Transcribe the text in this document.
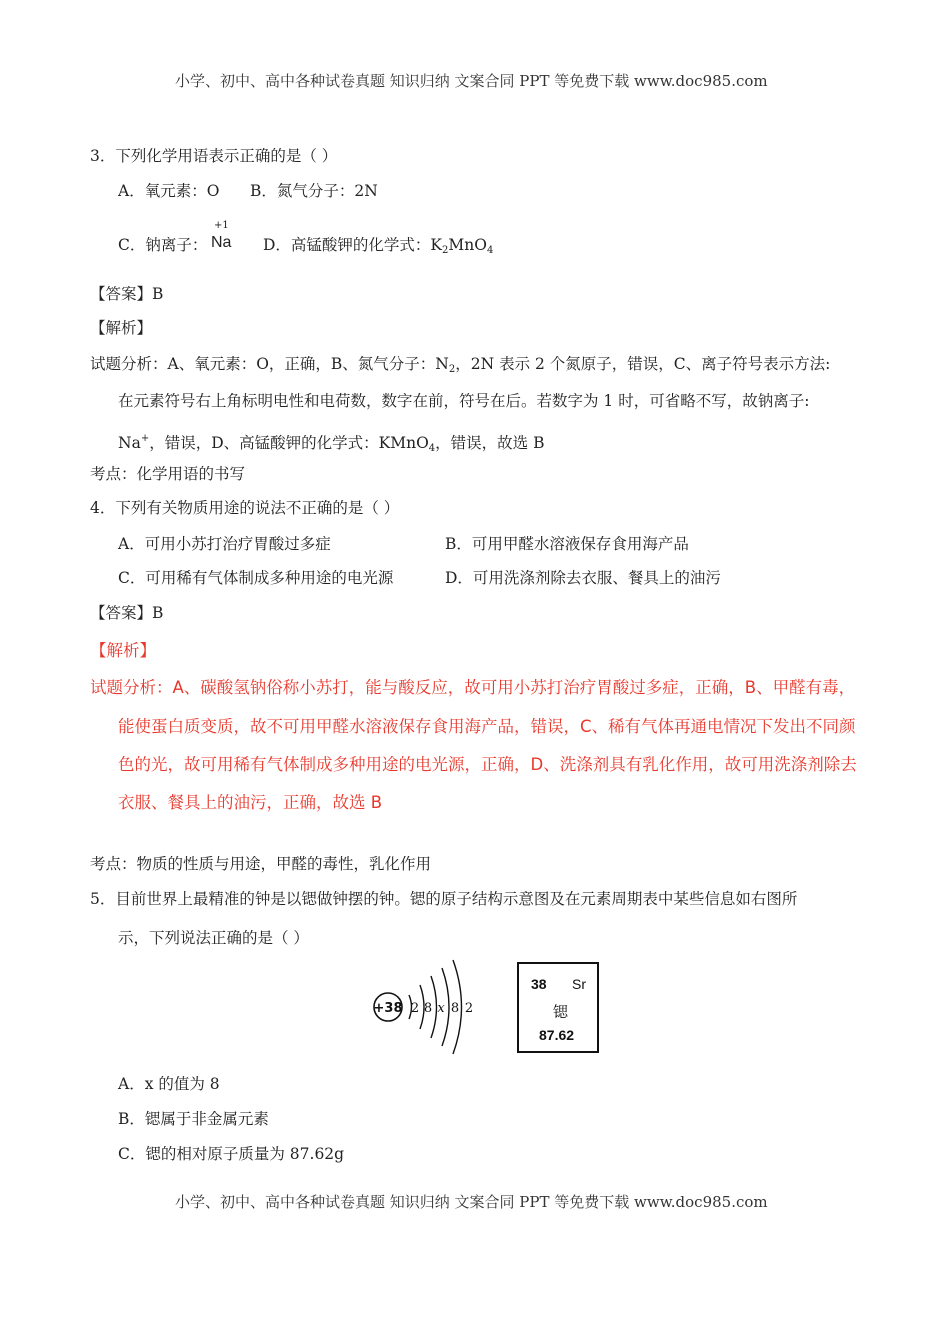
小学、初中、高中各种试卷真题 知识归纳 文案合同 PPT 等免费下载 www.doc985.com
3．下列化学用语表示正确的是（ ）
A．氧元素：O B．氮气分子：2N
C．钠离子：
+1
Na D．高锰酸钾的化学式：$K_2MnO_4$
【答案】B
【解析】
试题分析：A、氧元素：O，正确，B、氮气分子：$N_2$，2N 表示 2 个氮原子，错误，C、离子符号表示方法:
在元素符号右上角标明电性和电荷数，数字在前，符号在后。若数字为 1 时，可省略不写，故钠离子:
Na+，错误，D、高锰酸钾的化学式：KMnO$_4$，错误，故选 B
考点：化学用语的书写
4．下列有关物质用途的说法不正确的是（ ）
A．可用小苏打治疗胃酸过多症	B．可用甲醛水溶液保存食用海产品
C．可用稀有气体制成多种用途的电光源	D．可用洗涤剂除去衣服、餐具上的油污
【答案】B
【解析】
试题分析：A、碳酸氢钠俗称小苏打，能与酸反应，故可用小苏打治疗胃酸过多症，正确，B、甲醛有毒，
能使蛋白质变质，故不可用甲醛水溶液保存食用海产品，错误，C、稀有气体再通电情况下发出不同颜
色的光，故可用稀有气体制成多种用途的电光源，正确，D、洗涤剂具有乳化作用，故可用洗涤剂除去
衣服、餐具上的油污，正确，故选 B
考点：物质的性质与用途，甲醛的毒性，乳化作用
5．目前世界上最精准的钟是以锶做钟摆的钟。锶的原子结构示意图及在元素周期表中某些信息如右图所
示，下列说法正确的是（ ）
+38 2 8 x 8 2
38 Sr
锶
87.62
A．x 的值为 8
B．锶属于非金属元素
C．锶的相对原子质量为 87.62g
小学、初中、高中各种试卷真题 知识归纳 文案合同 PPT 等免费下载 www.doc985.com
